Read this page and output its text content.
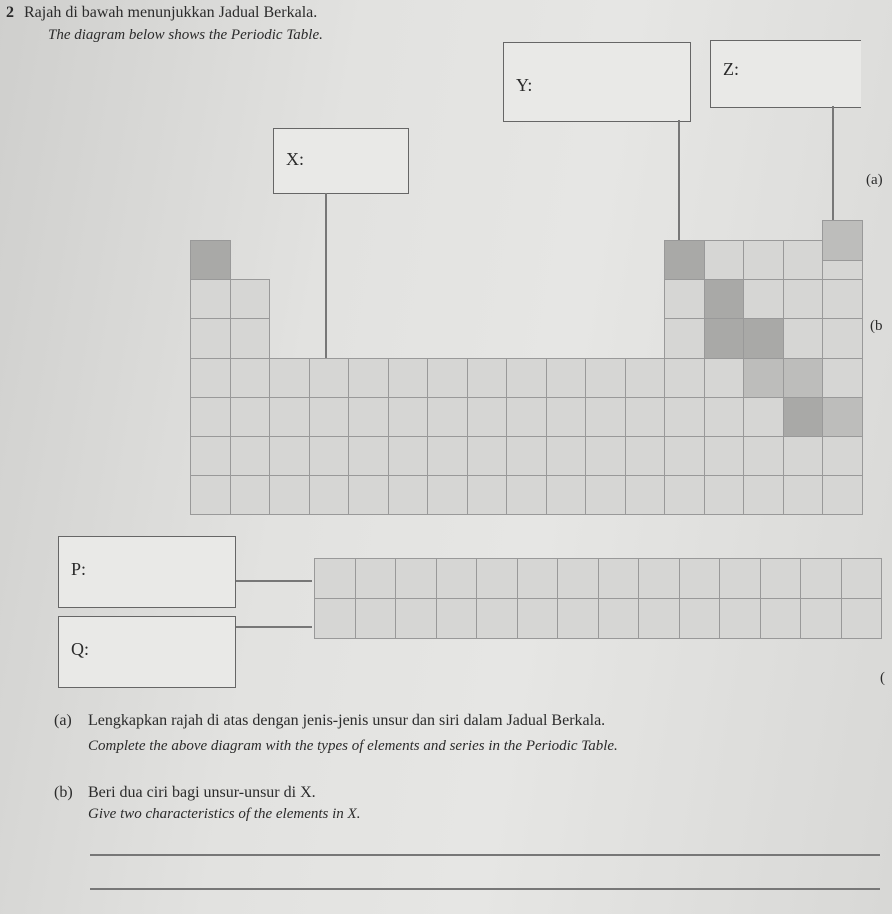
2 Rajah di bawah menunjukkan Jadual Berkala.
The diagram below shows the Periodic Table.
Y:
Z:
X:
P:
Q:
(a)
(b
(
(a) Lengkapkan rajah di atas dengan jenis-jenis unsur dan siri dalam Jadual Berkala.
Complete the above diagram with the types of elements and series in the Periodic Table.
(b) Beri dua ciri bagi unsur-unsur di X.
Give two characteristics of the elements in X.
